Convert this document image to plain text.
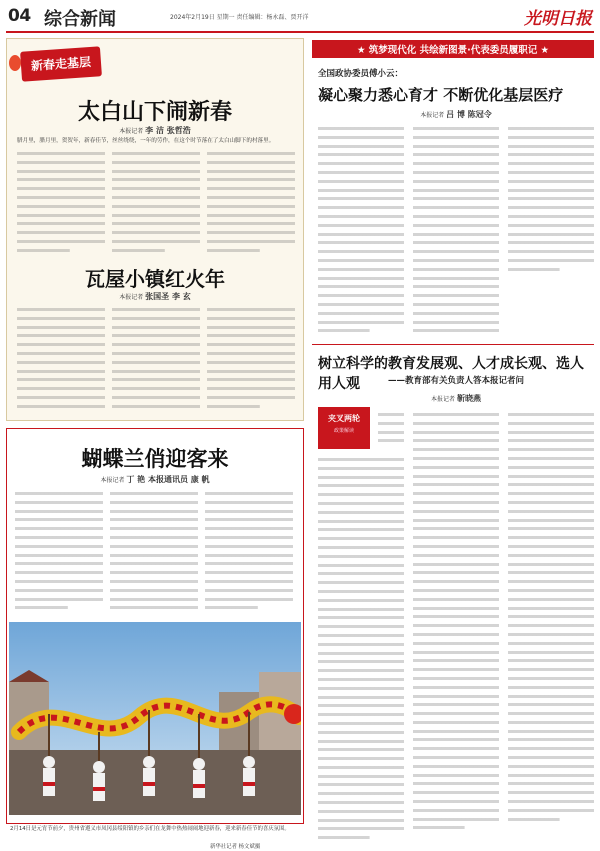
04 综合新闻	2024年2月19日 星期一 责任编辑：杨永磊、贾开洋	光明日报
新春走基层
太白山下闹新春
本报记者 李 洁 张哲浩
腊月里，腊月里，贺贺年，新春佳节，丝丝绕绕，一年的劳作，在这个时节落在了太白山脚下的村落里。
瓦屋小镇红火年
本报记者 张国圣 李 玄
蝴蝶兰俏迎客来
本报记者 丁 艳 本报通讯员 康 帆
2月14日是元宵节前夕，贵州省遵义市凤冈县绥阳镇的乡亲们在龙舞中热热闹闹地迎新春，迎来新春佳节的喜庆氛围。
新华社记者 杨文斌摄
★ 筑梦现代化 共绘新图景·代表委员履职记 ★
全国政协委员傅小云：
凝心聚力悉心育才 不断优化基层医疗
本报记者 吕 博 陈冠令
树立科学的教育发展观、人才成长观、选人用人观	——教育部有关负责人答本报记者问
本报记者 靳晓燕
夹叉两轮
政策解读
